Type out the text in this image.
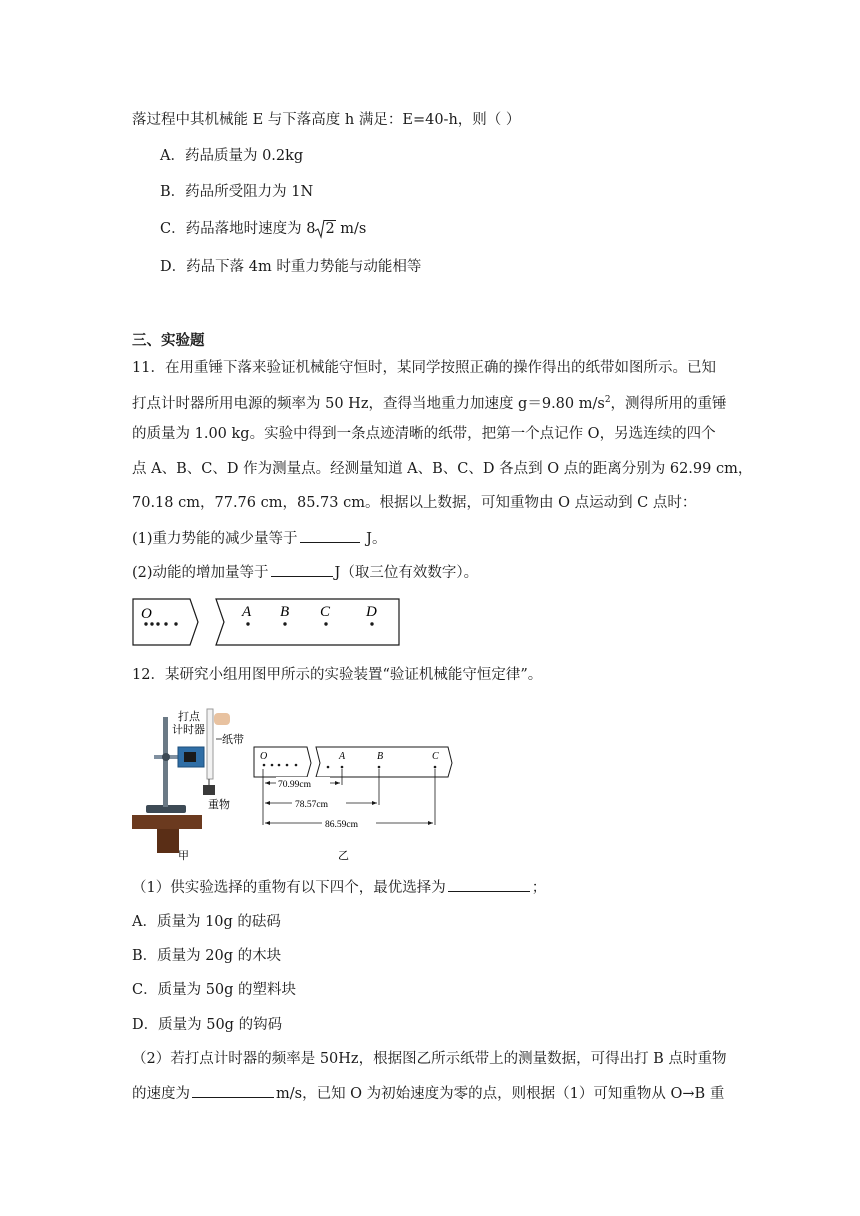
落过程中其机械能 E 与下落高度 h 满足：E=40-h，则（ ）
A．药品质量为 0.2kg
B．药品所受阻力为 1N
C．药品落地时速度为 8 2 m/s
D．药品下落 4m 时重力势能与动能相等
三、实验题
11．在用重锤下落来验证机械能守恒时，某同学按照正确的操作得出的纸带如图所示。已知
打点计时器所用电源的频率为 50 Hz，查得当地重力加速度 g＝9.80 $m/s^2$，测得所用的重锤
的质量为 1.00 kg。实验中得到一条点迹清晰的纸带，把第一个点记作 O，另选连续的四个
点 A、B、C、D 作为测量点。经测量知道 A、B、C、D 各点到 O 点的距离分别为 62.99 cm，
70.18 cm，77.76 cm，85.73 cm。根据以上数据，可知重物由 O 点运动到 C 点时：
(1)重力势能的减少量等于	J。
(2)动能的增加量等于	J（取三位有效数字）。
O	A B C D
12．某研究小组用图甲所示的实验装置“验证机械能守恒定律”。
打点
计时器
纸带
重物
甲
O	A	B	C
70.99cm
78.57cm
86.59cm
乙
（1）供实验选择的重物有以下四个，最优选择为	；
A．质量为 10g 的砝码
B．质量为 20g 的木块
C．质量为 50g 的塑料块
D．质量为 50g 的钩码
（2）若打点计时器的频率是 50Hz，根据图乙所示纸带上的测量数据，可得出打 B 点时重物
的速度为	m/s，已知 O 为初始速度为零的点，则根据（1）可知重物从 O→B 重
